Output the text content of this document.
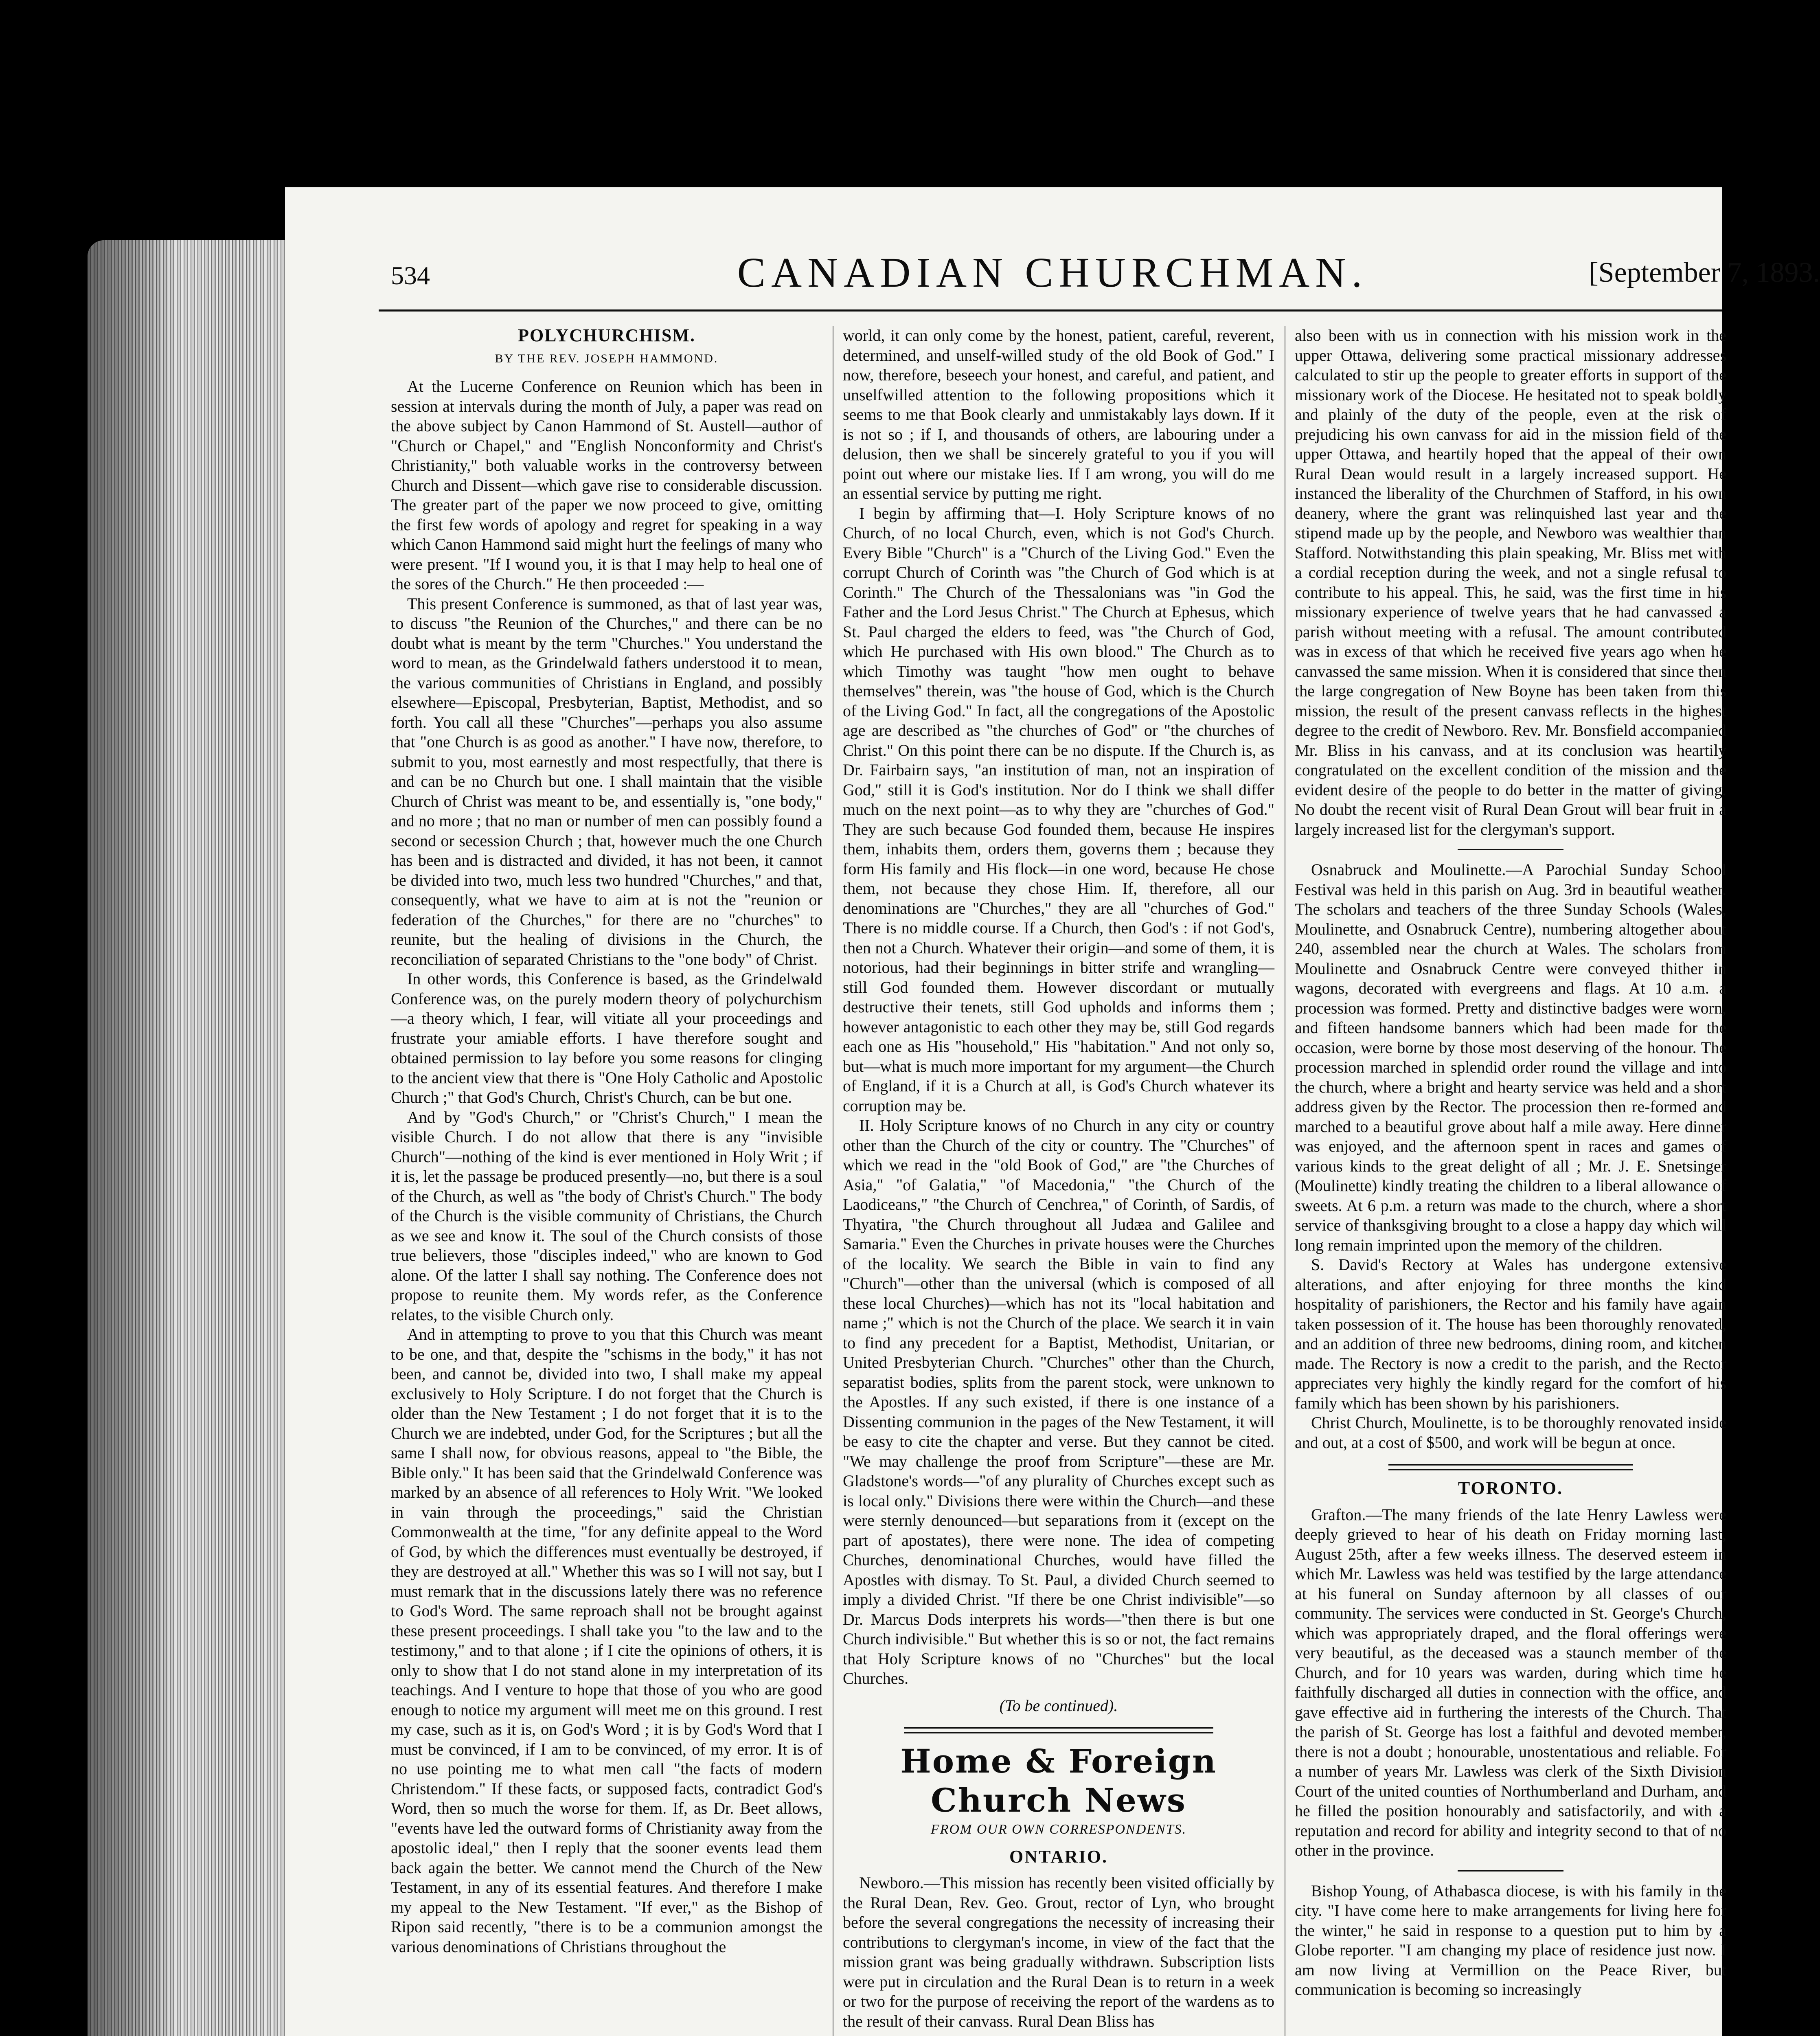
534	CANADIAN CHURCHMAN.	[September 7, 1893.
POLYCHURCHISM.
BY THE REV. JOSEPH HAMMOND.

At the Lucerne Conference on Reunion which has been in session at intervals during the month of July, a paper was read on the above subject by Canon Hammond of St. Austell—author of "Church or Chapel," and "English Nonconformity and Christ's Christianity," both valuable works in the controversy between Church and Dissent—which gave rise to considerable discussion. The greater part of the paper we now proceed to give, omitting the first few words of apology and regret for speaking in a way which Canon Hammond said might hurt the feelings of many who were present. "If I wound you, it is that I may help to heal one of the sores of the Church." He then proceeded :—

This present Conference is summoned, as that of last year was, to discuss "the Reunion of the Churches," and there can be no doubt what is meant by the term "Churches." You understand the word to mean, as the Grindelwald fathers understood it to mean, the various communities of Christians in England, and possibly elsewhere—Episcopal, Presbyterian, Baptist, Methodist, and so forth. You call all these "Churches"—perhaps you also assume that "one Church is as good as another." I have now, therefore, to submit to you, most earnestly and most respectfully, that there is and can be no Church but one. I shall maintain that the visible Church of Christ was meant to be, and essentially is, "one body," and no more ; that no man or number of men can possibly found a second or secession Church ; that, however much the one Church has been and is distracted and divided, it has not been, it cannot be divided into two, much less two hundred "Churches," and that, consequently, what we have to aim at is not the "reunion or federation of the Churches," for there are no "churches" to reunite, but the healing of divisions in the Church, the reconciliation of separated Christians to the "one body" of Christ.

In other words, this Conference is based, as the Grindelwald Conference was, on the purely modern theory of polychurchism—a theory which, I fear, will vitiate all your proceedings and frustrate your amiable efforts. I have therefore sought and obtained permission to lay before you some reasons for clinging to the ancient view that there is "One Holy Catholic and Apostolic Church ;" that God's Church, Christ's Church, can be but one.

And by "God's Church," or "Christ's Church," I mean the visible Church. I do not allow that there is any "invisible Church"—nothing of the kind is ever mentioned in Holy Writ ; if it is, let the passage be produced presently—no, but there is a soul of the Church, as well as "the body of Christ's Church." The body of the Church is the visible community of Christians, the Church as we see and know it. The soul of the Church consists of those true believers, those "disciples indeed," who are known to God alone. Of the latter I shall say nothing. The Conference does not propose to reunite them. My words refer, as the Conference relates, to the visible Church only.

And in attempting to prove to you that this Church was meant to be one, and that, despite the "schisms in the body," it has not been, and cannot be, divided into two, I shall make my appeal exclusively to Holy Scripture. I do not forget that the Church is older than the New Testament ; I do not forget that it is to the Church we are indebted, under God, for the Scriptures ; but all the same I shall now, for obvious reasons, appeal to "the Bible, the Bible only." It has been said that the Grindelwald Conference was marked by an absence of all references to Holy Writ. "We looked in vain through the proceedings," said the Christian Commonwealth at the time, "for any definite appeal to the Word of God, by which the differences must eventually be destroyed, if they are destroyed at all." Whether this was so I will not say, but I must remark that in the discussions lately there was no reference to God's Word. The same reproach shall not be brought against these present proceedings. I shall take you "to the law and to the testimony," and to that alone ; if I cite the opinions of others, it is only to show that I do not stand alone in my interpretation of its teachings. And I venture to hope that those of you who are good enough to notice my argument will meet me on this ground. I rest my case, such as it is, on God's Word ; it is by God's Word that I must be convinced, if I am to be convinced, of my error. It is of no use pointing me to what men call "the facts of modern Christendom." If these facts, or supposed facts, contradict God's Word, then so much the worse for them. If, as Dr. Beet allows, "events have led the outward forms of Christianity away from the apostolic ideal," then I reply that the sooner events lead them back again the better. We cannot mend the Church of the New Testament, in any of its essential features. And therefore I make my appeal to the New Testament. "If ever," as the Bishop of Ripon said recently, "there is to be a communion amongst the various denominations of Christians throughout the

world, it can only come by the honest, patient, careful, reverent, determined, and unself-willed study of the old Book of God." I now, therefore, beseech your honest, and careful, and patient, and unselfwilled attention to the following propositions which it seems to me that Book clearly and unmistakably lays down. If it is not so ; if I, and thousands of others, are labouring under a delusion, then we shall be sincerely grateful to you if you will point out where our mistake lies. If I am wrong, you will do me an essential service by putting me right.

I begin by affirming that—I. Holy Scripture knows of no Church, of no local Church, even, which is not God's Church. Every Bible "Church" is a "Church of the Living God." Even the corrupt Church of Corinth was "the Church of God which is at Corinth." The Church of the Thessalonians was "in God the Father and the Lord Jesus Christ." The Church at Ephesus, which St. Paul charged the elders to feed, was "the Church of God, which He purchased with His own blood." The Church as to which Timothy was taught "how men ought to behave themselves" therein, was "the house of God, which is the Church of the Living God." In fact, all the congregations of the Apostolic age are described as "the churches of God" or "the churches of Christ." On this point there can be no dispute. If the Church is, as Dr. Fairbairn says, "an institution of man, not an inspiration of God," still it is God's institution. Nor do I think we shall differ much on the next point—as to why they are "churches of God." They are such because God founded them, because He inspires them, inhabits them, orders them, governs them ; because they form His family and His flock—in one word, because He chose them, not because they chose Him. If, therefore, all our denominations are "Churches," they are all "churches of God." There is no middle course. If a Church, then God's : if not God's, then not a Church. Whatever their origin—and some of them, it is notorious, had their beginnings in bitter strife and wrangling—still God founded them. However discordant or mutually destructive their tenets, still God upholds and informs them ; however antagonistic to each other they may be, still God regards each one as His "household," His "habitation." And not only so, but—what is much more important for my argument—the Church of England, if it is a Church at all, is God's Church whatever its corruption may be.

II. Holy Scripture knows of no Church in any city or country other than the Church of the city or country. The "Churches" of which we read in the "old Book of God," are "the Churches of Asia," "of Galatia," "of Macedonia," "the Church of the Laodiceans," "the Church of Cenchrea," of Corinth, of Sardis, of Thyatira, "the Church throughout all Judæa and Galilee and Samaria." Even the Churches in private houses were the Churches of the locality. We search the Bible in vain to find any "Church"—other than the universal (which is composed of all these local Churches)—which has not its "local habitation and name ;" which is not the Church of the place. We search it in vain to find any precedent for a Baptist, Methodist, Unitarian, or United Presbyterian Church. "Churches" other than the Church, separatist bodies, splits from the parent stock, were unknown to the Apostles. If any such existed, if there is one instance of a Dissenting communion in the pages of the New Testament, it will be easy to cite the chapter and verse. But they cannot be cited. "We may challenge the proof from Scripture"—these are Mr. Gladstone's words—"of any plurality of Churches except such as is local only." Divisions there were within the Church—and these were sternly denounced—but separations from it (except on the part of apostates), there were none. The idea of competing Churches, denominational Churches, would have filled the Apostles with dismay. To St. Paul, a divided Church seemed to imply a divided Christ. "If there be one Christ indivisible"—so Dr. Marcus Dods interprets his words—"then there is but one Church indivisible." But whether this is so or not, the fact remains that Holy Scripture knows of no "Churches" but the local Churches.

(To be continued).
Home & Foreign Church News
FROM OUR OWN CORRESPONDENTS.
ONTARIO.

Newboro.—This mission has recently been visited officially by the Rural Dean, Rev. Geo. Grout, rector of Lyn, who brought before the several congregations the necessity of increasing their contributions to clergyman's income, in view of the fact that the mission grant was being gradually withdrawn. Subscription lists were put in circulation and the Rural Dean is to return in a week or two for the purpose of receiving the report of the wardens as to the result of their canvass. Rural Dean Bliss has

also been with us in connection with his mission work in the upper Ottawa, delivering some practical missionary addresses calculated to stir up the people to greater efforts in support of the missionary work of the Diocese. He hesitated not to speak boldly and plainly of the duty of the people, even at the risk of prejudicing his own canvass for aid in the mission field of the upper Ottawa, and heartily hoped that the appeal of their own Rural Dean would result in a largely increased support. He instanced the liberality of the Churchmen of Stafford, in his own deanery, where the grant was relinquished last year and the stipend made up by the people, and Newboro was wealthier than Stafford. Notwithstanding this plain speaking, Mr. Bliss met with a cordial reception during the week, and not a single refusal to contribute to his appeal. This, he said, was the first time in his missionary experience of twelve years that he had canvassed a parish without meeting with a refusal. The amount contributed was in excess of that which he received five years ago when he canvassed the same mission. When it is considered that since then the large congregation of New Boyne has been taken from this mission, the result of the present canvass reflects in the highest degree to the credit of Newboro. Rev. Mr. Bonsfield accompanied Mr. Bliss in his canvass, and at its conclusion was heartily congratulated on the excellent condition of the mission and the evident desire of the people to do better in the matter of giving. No doubt the recent visit of Rural Dean Grout will bear fruit in a largely increased list for the clergyman's support.

Osnabruck and Moulinette.—A Parochial Sunday School Festival was held in this parish on Aug. 3rd in beautiful weather. The scholars and teachers of the three Sunday Schools (Wales, Moulinette, and Osnabruck Centre), numbering altogether about 240, assembled near the church at Wales. The scholars from Moulinette and Osnabruck Centre were conveyed thither in wagons, decorated with evergreens and flags. At 10 a.m. a procession was formed. Pretty and distinctive badges were worn, and fifteen handsome banners which had been made for the occasion, were borne by those most deserving of the honour. The procession marched in splendid order round the village and into the church, where a bright and hearty service was held and a short address given by the Rector. The procession then re-formed and marched to a beautiful grove about half a mile away. Here dinner was enjoyed, and the afternoon spent in races and games of various kinds to the great delight of all ; Mr. J. E. Snetsinger (Moulinette) kindly treating the children to a liberal allowance of sweets. At 6 p.m. a return was made to the church, where a short service of thanksgiving brought to a close a happy day which will long remain imprinted upon the memory of the children.

S. David's Rectory at Wales has undergone extensive alterations, and after enjoying for three months the kind hospitality of parishioners, the Rector and his family have again taken possession of it. The house has been thoroughly renovated, and an addition of three new bedrooms, dining room, and kitchen made. The Rectory is now a credit to the parish, and the Rector appreciates very highly the kindly regard for the comfort of his family which has been shown by his parishioners.

Christ Church, Moulinette, is to be thoroughly renovated inside and out, at a cost of $500, and work will be begun at once.

TORONTO.

Grafton.—The many friends of the late Henry Lawless were deeply grieved to hear of his death on Friday morning last, August 25th, after a few weeks illness. The deserved esteem in which Mr. Lawless was held was testified by the large attendance at his funeral on Sunday afternoon by all classes of our community. The services were conducted in St. George's Church, which was appropriately draped, and the floral offerings were very beautiful, as the deceased was a staunch member of the Church, and for 10 years was warden, during which time he faithfully discharged all duties in connection with the office, and gave effective aid in furthering the interests of the Church. That the parish of St. George has lost a faithful and devoted member, there is not a doubt ; honourable, unostentatious and reliable. For a number of years Mr. Lawless was clerk of the Sixth Division Court of the united counties of Northumberland and Durham, and he filled the position honourably and satisfactorily, and with a reputation and record for ability and integrity second to that of no other in the province.

Bishop Young, of Athabasca diocese, is with his family in the city. "I have come here to make arrangements for living here for the winter," he said in response to a question put to him by a Globe reporter. "I am changing my place of residence just now. I am now living at Vermillion on the Peace River, but communication is becoming so increasingly
